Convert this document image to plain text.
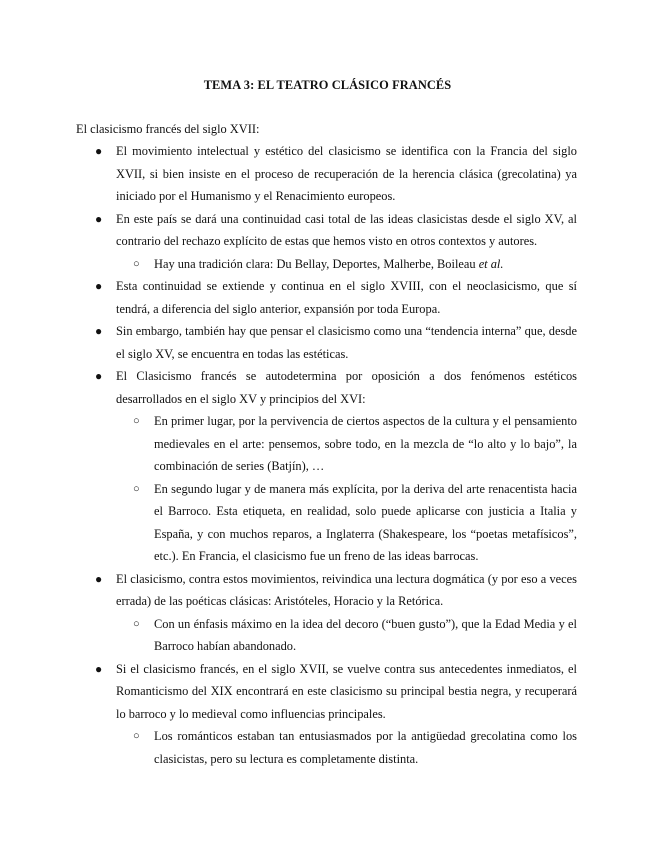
TEMA 3: EL TEATRO CLÁSICO FRANCÉS
El clasicismo francés del siglo XVII:
● El movimiento intelectual y estético del clasicismo se identifica con la Francia del siglo XVII, si bien insiste en el proceso de recuperación de la herencia clásica (grecolatina) ya iniciado por el Humanismo y el Renacimiento europeos.
● En este país se dará una continuidad casi total de las ideas clasicistas desde el siglo XV, al contrario del rechazo explícito de estas que hemos visto en otros contextos y autores.
○ Hay una tradición clara: Du Bellay, Deportes, Malherbe, Boileau et al.
● Esta continuidad se extiende y continua en el siglo XVIII, con el neoclasicismo, que sí tendrá, a diferencia del siglo anterior, expansión por toda Europa.
● Sin embargo, también hay que pensar el clasicismo como una “tendencia interna” que, desde el siglo XV, se encuentra en todas las estéticas.
● El Clasicismo francés se autodetermina por oposición a dos fenómenos estéticos desarrollados en el siglo XV y principios del XVI:
○ En primer lugar, por la pervivencia de ciertos aspectos de la cultura y el pensamiento medievales en el arte: pensemos, sobre todo, en la mezcla de “lo alto y lo bajo”, la combinación de series (Batjín), …
○ En segundo lugar y de manera más explícita, por la deriva del arte renacentista hacia el Barroco. Esta etiqueta, en realidad, solo puede aplicarse con justicia a Italia y España, y con muchos reparos, a Inglaterra (Shakespeare, los “poetas metafísicos”, etc.). En Francia, el clasicismo fue un freno de las ideas barrocas.
● El clasicismo, contra estos movimientos, reivindica una lectura dogmática (y por eso a veces errada) de las poéticas clásicas: Aristóteles, Horacio y la Retórica.
○ Con un énfasis máximo en la idea del decoro (“buen gusto”), que la Edad Media y el Barroco habían abandonado.
● Si el clasicismo francés, en el siglo XVII, se vuelve contra sus antecedentes inmediatos, el Romanticismo del XIX encontrará en este clasicismo su principal bestia negra, y recuperará lo barroco y lo medieval como influencias principales.
○ Los románticos estaban tan entusiasmados por la antigüedad grecolatina como los clasicistas, pero su lectura es completamente distinta.
